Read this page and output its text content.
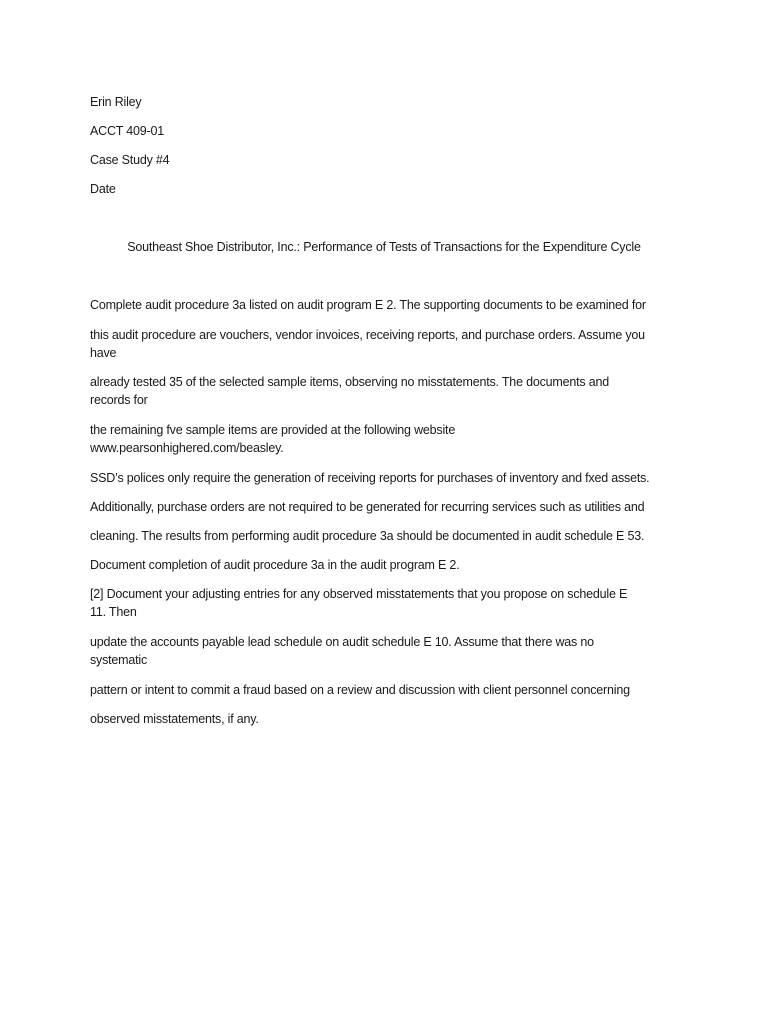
Erin Riley

ACCT 409-01

Case Study #4

Date

Southeast Shoe Distributor, Inc.: Performance of Tests of Transactions for the Expenditure Cycle

Complete audit procedure 3a listed on audit program E 2. The supporting documents to be examined for

this audit procedure are vouchers, vendor invoices, receiving reports, and purchase orders. Assume you

have

already tested 35 of the selected sample items, observing no misstatements. The documents and

records for

the remaining fve sample items are provided at the following website

www.pearsonhighered.com/beasley.

SSD’s polices only require the generation of receiving reports for purchases of inventory and fxed assets.

Additionally, purchase orders are not required to be generated for recurring services such as utilities and

cleaning. The results from performing audit procedure 3a should be documented in audit schedule E 53.

Document completion of audit procedure 3a in the audit program E 2.

[2] Document your adjusting entries for any observed misstatements that you propose on schedule E

11. Then

update the accounts payable lead schedule on audit schedule E 10. Assume that there was no

systematic

pattern or intent to commit a fraud based on a review and discussion with client personnel concerning

observed misstatements, if any.
